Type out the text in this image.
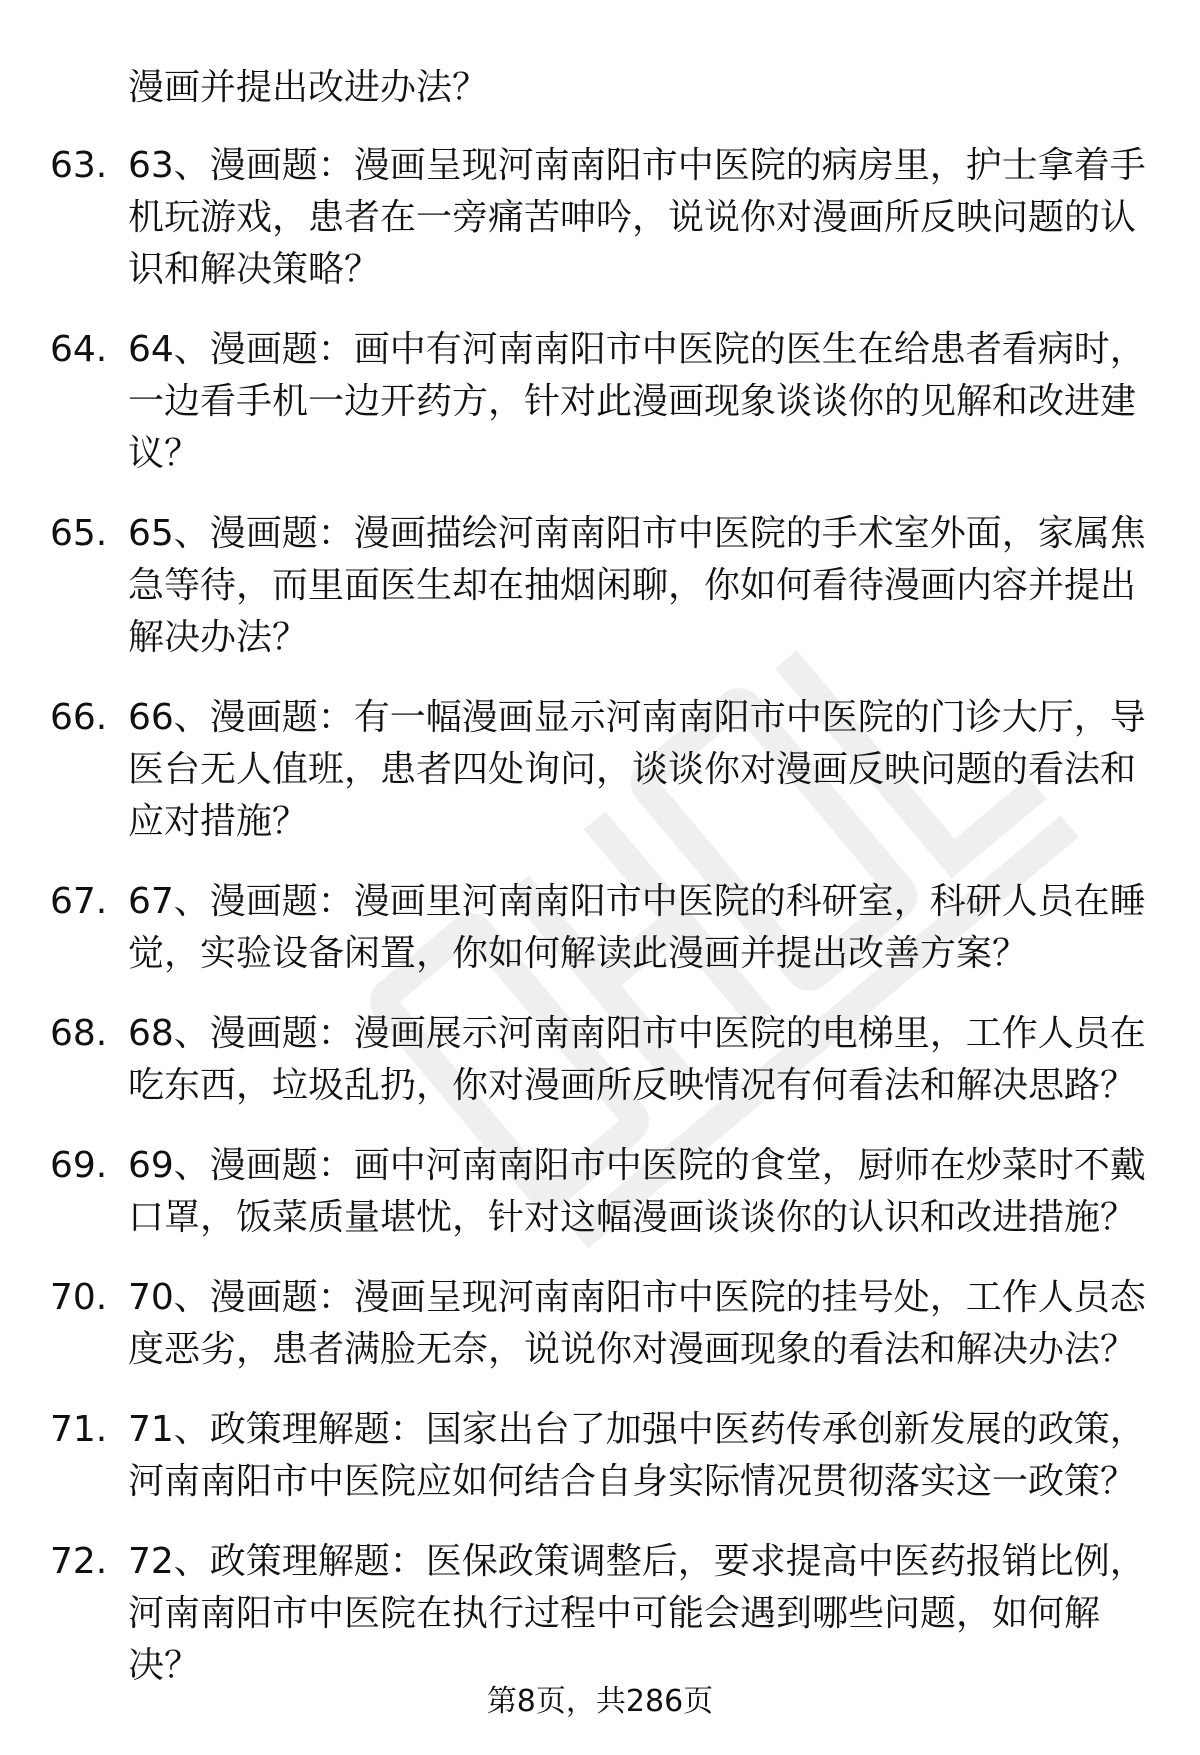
漫画并提出改进办法？

63. 63、漫画题：漫画呈现河南南阳市中医院的病房里，护士拿着手机玩游戏，患者在一旁痛苦呻吟，说说你对漫画所反映问题的认识和解决策略？
64. 64、漫画题：画中有河南南阳市中医院的医生在给患者看病时，一边看手机一边开药方，针对此漫画现象谈谈你的见解和改进建议？
65. 65、漫画题：漫画描绘河南南阳市中医院的手术室外面，家属焦急等待，而里面医生却在抽烟闲聊，你如何看待漫画内容并提出解决办法？
66. 66、漫画题：有一幅漫画显示河南南阳市中医院的门诊大厅，导医台无人值班，患者四处询问，谈谈你对漫画反映问题的看法和应对措施？
67. 67、漫画题：漫画里河南南阳市中医院的科研室，科研人员在睡觉，实验设备闲置，你如何解读此漫画并提出改善方案？
68. 68、漫画题：漫画展示河南南阳市中医院的电梯里，工作人员在吃东西，垃圾乱扔，你对漫画所反映情况有何看法和解决思路？
69. 69、漫画题：画中河南南阳市中医院的食堂，厨师在炒菜时不戴口罩，饭菜质量堪忧，针对这幅漫画谈谈你的认识和改进措施？
70. 70、漫画题：漫画呈现河南南阳市中医院的挂号处，工作人员态度恶劣，患者满脸无奈，说说你对漫画现象的看法和解决办法？
71. 71、政策理解题：国家出台了加强中医药传承创新发展的政策，河南南阳市中医院应如何结合自身实际情况贯彻落实这一政策？
72. 72、政策理解题：医保政策调整后，要求提高中医药报销比例，河南南阳市中医院在执行过程中可能会遇到哪些问题，如何解决？
第8页，共286页
